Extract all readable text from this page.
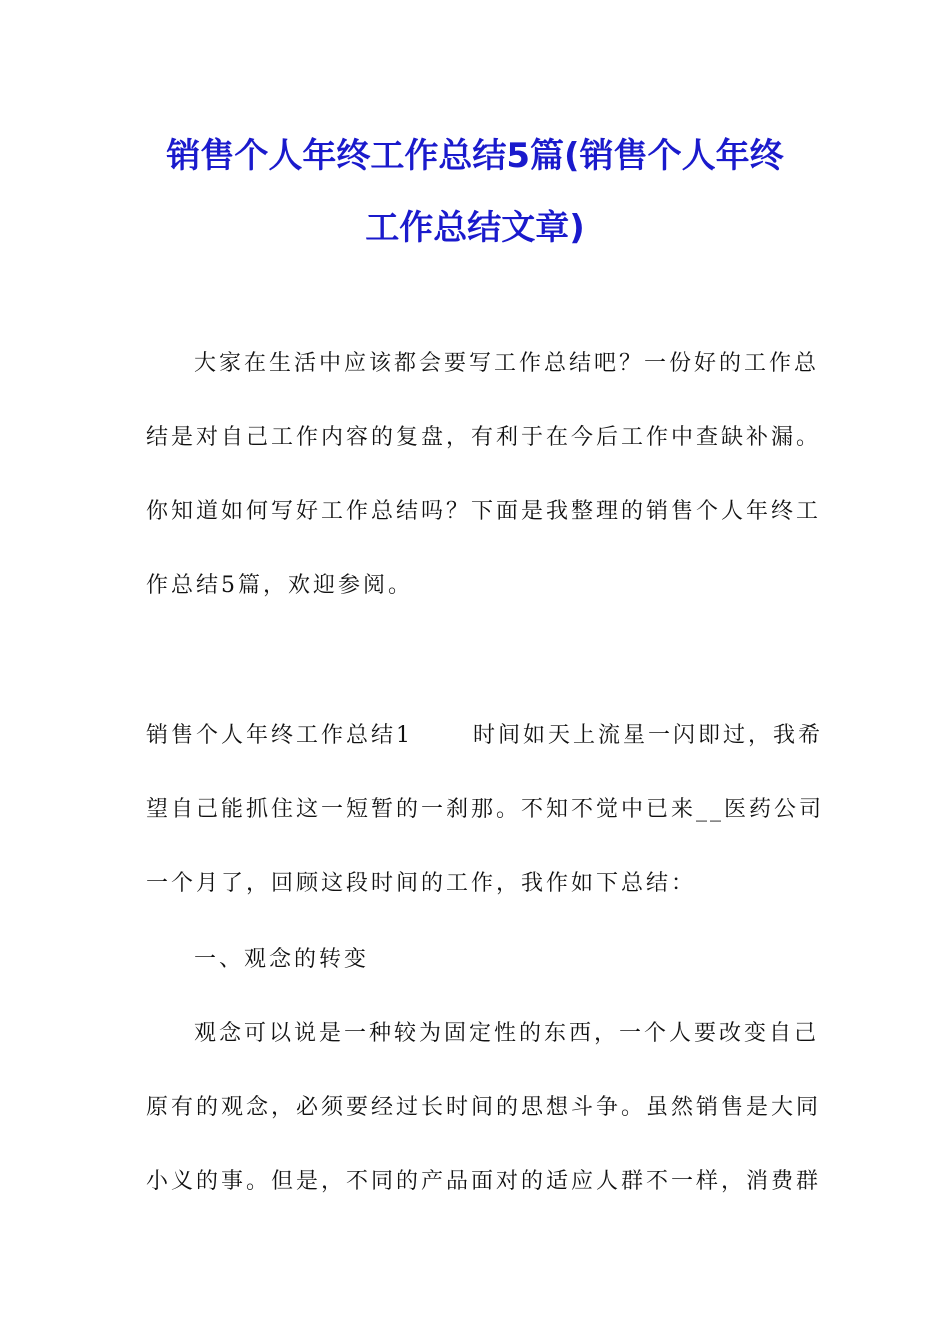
销售个人年终工作总结5篇(销售个人年终
工作总结文章)

大家在生活中应该都会要写工作总结吧？一份好的工作总

结是对自己工作内容的复盘，有利于在今后工作中查缺补漏。

你知道如何写好工作总结吗？下面是我整理的销售个人年终工

作总结5篇，欢迎参阅。

销售个人年终工作总结1	时间如天上流星一闪即过，我希

望自己能抓住这一短暂的一刹那。不知不觉中已来__医药公司

一个月了，回顾这段时间的工作，我作如下总结：

一、观念的转变

观念可以说是一种较为固定性的东西，一个人要改变自己

原有的观念，必须要经过长时间的思想斗争。虽然销售是大同

小义的事。但是，不同的产品面对的适应人群不一样，消费群
